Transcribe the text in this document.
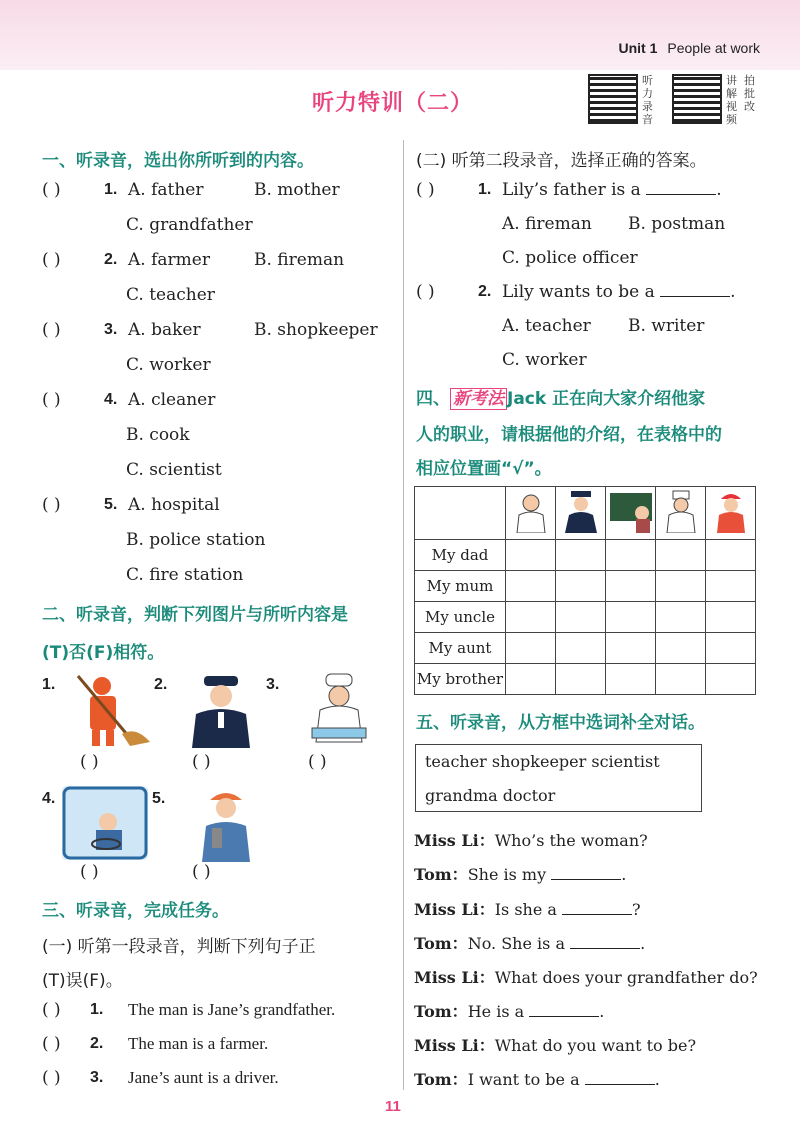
Unit 1 People at work
听力特训（二）
听力录音
讲解视频
拍批改
一、听录音，选出你所听到的内容。
( )	1. A. father	B. mother
C. grandfather
( )	2. A. farmer	B. fireman
C. teacher
( )	3. A. baker	B. shopkeeper
C. worker
( )	4. A. cleaner
B. cook
C. scientist
( )	5. A. hospital
B. police station
C. fire station
二、听录音，判断下列图片与所听内容是
(T)否(F)相符。
1.	2.	3.
( )	( )	( )
4.	5.
( )	( )
三、听录音，完成任务。
(一) 听第一段录音，判断下列句子正
(T)误(F)。
( ) 1. The man is Jane’s grandfather.
( ) 2. The man is a farmer.
( ) 3. Jane’s aunt is a driver.
(二) 听第二段录音，选择正确的答案。
( )	1. Lily’s father is a	.
A. fireman B. postman
C. police officer
( )	2. Lily wants to be a	.
A. teacher B. writer
C. worker
四、 新考法 Jack 正在向大家介绍他家
人的职业，请根据他的介绍，在表格中的
相应位置画“√”。

My dad					
My mum					
My uncle					
My aunt					
My brother					
五、听录音，从方框中选词补全对话。
teacher shopkeeper scientist
grandma doctor
Miss Li：Who’s the woman?
Tom：She is my	.
Miss Li：Is she a	?
Tom：No. She is a	.
Miss Li：What does your grandfather do?
Tom：He is a	.
Miss Li：What do you want to be?
Tom：I want to be a	.
11
